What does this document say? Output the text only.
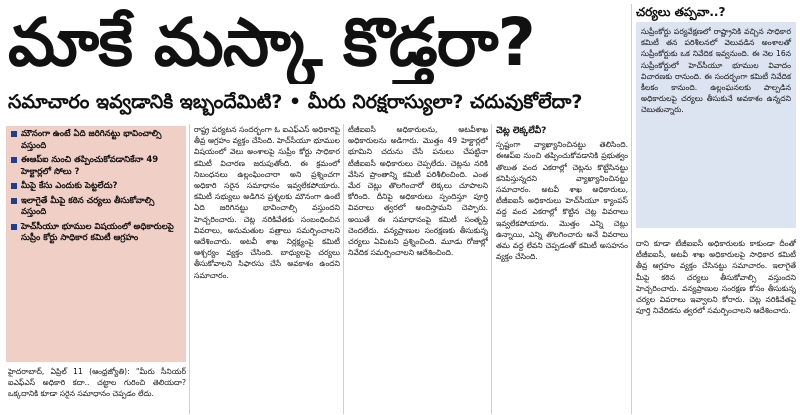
మాకే మస్కా కొడ్తరా?
సమాచారం ఇవ్వడానికి ఇబ్బందేమిటి? • మీరు నిరక్షరాస్యులా? చదువుకోలేదా?
మౌనంగా ఉంటే ఏది జరిగినట్టు భావించాల్సి వస్తుంది
ఈఆప్ఐ నుంచి తప్పించుకోవడానికేనా 49 హెక్టార్లలో సోలు ?
మీపై కేసు ఎందుకు పెట్టలేదు?
ఇలాగైతే మీపై కఠిన చర్యలు తీసుకోవాల్సి వస్తుంది
హెచ్‌సీయూ భూముల విషయంలో అధికారులపై సుప్రీం కోర్టు సాధికార కమిటీ ఆగ్రహం

హైదరాబాద్, ఏప్రిల్ 11 (ఆంధ్రజ్యోతి): "మీరు సీనియర్ ఐఎఫ్ఎస్ అధికారి కదా.. చట్టాల గురించి తెలియదా? ఒక్కదానికి కూడా సరైన సమాధానం చెప్పడం లేదు.

రాష్ట్ర పర్యటన సందర్భంగా ఓ ఐఎఫ్ఎస్ అధికారిపై తీవ్ర ఆగ్రహం వ్యక్తం చేసింది. హెచ్‌సీయూ భూముల విషయంలో వెలు అంశాలపై సుప్రీం కోర్టు సాధికార కమిటీ విచారణ జరుపుతోంది. ఈ క్రమంలో నిబంధనలు ఉల్లంఘించారా అని ప్రశ్నించగా అధికారి సరైన సమాధానం ఇవ్వలేకపోయారు. కమిటీ సభ్యులు అడిగిన ప్రశ్నలకు మౌనంగా ఉంటే ఏది జరిగినట్టు భావించాల్సి వస్తుందని హెచ్చరించారు. చెట్ల నరికివేతకు సంబంధించిన వివరాలు, అనుమతుల పత్రాలు సమర్పించాలని ఆదేశించారు. అటవీ శాఖ నిర్లక్ష్యంపై కమిటీ ఆశ్చర్యం వ్యక్తం చేసింది. బాధ్యులపై చర్యలు తీసుకోవాలని సిఫారసు చేసే అవకాశం ఉందని సమాచారం.

టీజీఐఐసీ అధికారులను, అటవీశాఖ అధికారులను అడిగారు. మొత్తం 49 హెక్టార్లలో భూమిని చదును చేసే పనులు చేపట్టినా టీజీఐఐసీ అధికారులు చెప్పలేదు. చెట్లను నరికి వేసిన ప్రాంతాన్ని కమిటీ పరిశీలించింది. ఎంత మేర చెట్లు తొలగించారో లెక్కలు చూపాలని కోరింది. దీనిపై అధికారులు స్పందిస్తూ పూర్తి వివరాలు త్వరలో అందిస్తామని చెప్పారు. అయితే ఈ సమాధానంపై కమిటీ సంతృప్తి చెందలేదు. వన్యప్రాణుల సంరక్షణకు తీసుకున్న చర్యలు ఏమిటని ప్రశ్నించింది. మూడు రోజుల్లో నివేదిక సమర్పించాలని ఆదేశించింది.

చెట్ల లెక్కలేవీ?

స్పష్టంగా వ్యాఖ్యానించినట్టు తెలిసింది. ఈఆప్ఐ నుంచి తప్పించుకోవడానికి ప్రభుత్వం తొలుత వంద ఎకరాల్లో చెట్లను కొట్టేసినట్టు కనిపిస్తున్నదని వ్యాఖ్యానించినట్టు సమాచారం. అటవీ శాఖ అధికారులు, టీజీఐఐసీ అధికారులు హెచ్‌సీయూ క్యాంపస్ వద్ద వంద ఎకరాల్లో కొట్టిన చెట్ల వివరాలు ఇవ్వలేకపోయారు. మొత్తం ఎన్ని చెట్లు ఉన్నాయి, ఎన్ని తొలగించారు అనే వివరాలు తమ వద్ద లేవని చెప్పడంతో కమిటీ అసహనం వ్యక్తం చేసింది.

చర్యలు తప్పవా..?
సుప్రీంకోర్టు పర్యవేక్షణలో రాష్ట్రానికి వచ్చిన సాధికార కమిటీ తన పరిశీలనలో వెలువడిన అంశాలతో సుప్రీంకోర్టుకు ఒక నివేదిక ఇవ్వనుంది. ఈ నెల 16న సుప్రీంకోర్టులో హెచ్‌సీయూ భూముల వివాదం విచారణకు రానుంది. ఈ సందర్భంగా కమిటీ నివేదిక కీలకం కానుంది. ఉల్లంఘనలకు పాల్పడిన అధికారులపై చర్యలు తీసుకునే అవకాశం ఉన్నదని చెబుతున్నారు.

దాని కూడా టీజీఐఐసీ అధికారులకు కాకుండా దీంతో టీజీఐఐసీ, అటవీ శాఖ అధికారులపై సాధికార కమిటీ తీవ్ర ఆగ్రహం వ్యక్తం చేసినట్టు సమాచారం. ఇలాగైతే మీపై కఠిన చర్యలు తీసుకోవాల్సి వస్తుందని హెచ్చరించారు. వన్యప్రాణుల సంరక్షణ కోసం తీసుకున్న చర్యల వివరాలు ఇవ్వాలని కోరారు. చెట్ల నరికివేతపై పూర్తి నివేదికను త్వరలో సమర్పించాలని ఆదేశించారు.
